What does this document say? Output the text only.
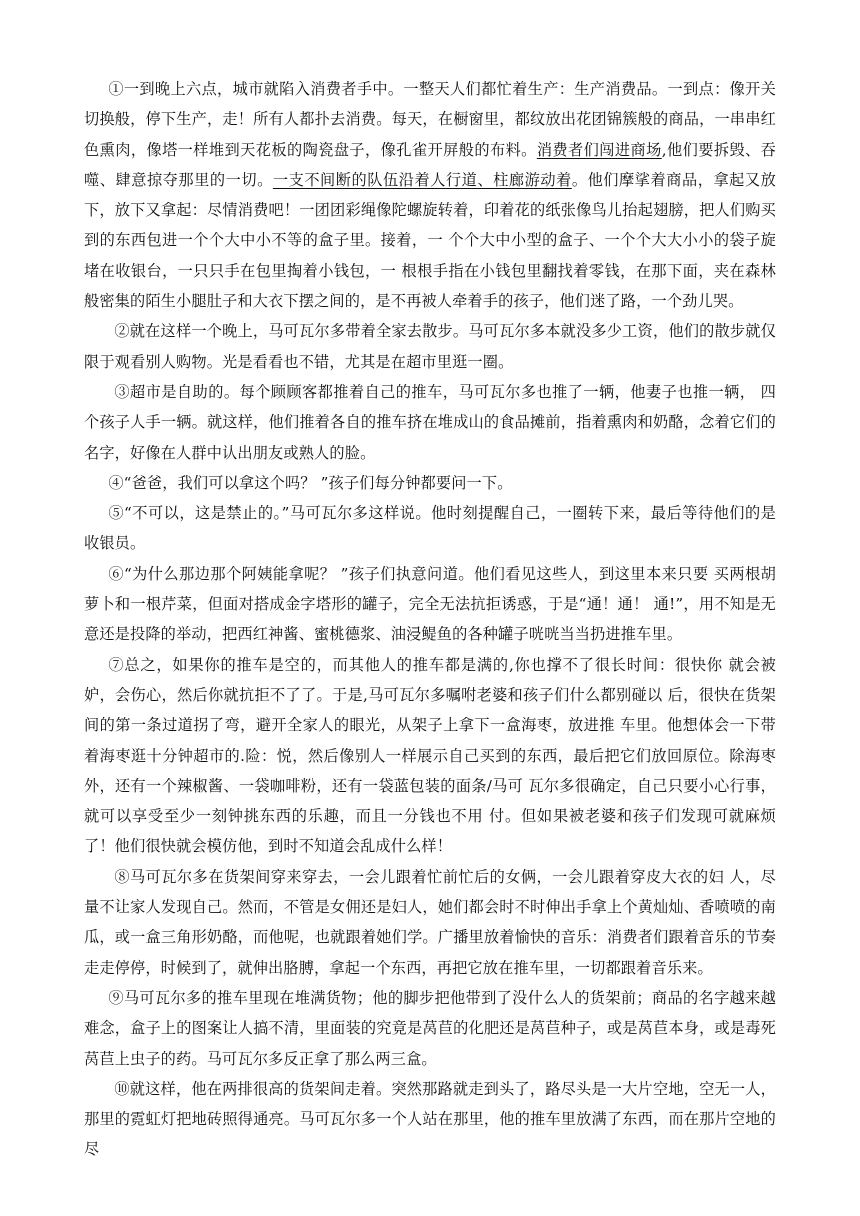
①一到晚上六点，城市就陷入消费者手中。一整天人们都忙着生产：生产消费品。一到点：像开关切换般，停下生产，走！所有人都扑去消费。每天，在橱窗里，都纹放出花团锦簇般的商品，一串串红色熏肉，像塔一样堆到天花板的陶瓷盘子，像孔雀开屏般的布料。消费者们闯进商场,他们要拆毁、吞噬、肆意掠夺那里的一切。一支不间断的队伍沿着人行道、柱廊游动着。他们摩挲着商品，拿起又放下，放下又拿起：尽情消费吧！一团团彩绳像陀螺旋转着，印着花的纸张像鸟儿抬起翅膀，把人们购买到的东西包进一个个大中小不等的盒子里。接着，一 个个大中小型的盒子、一个个大大小小的袋子旋堵在收银台，一只只手在包里掏着小钱包，一 根根手指在小钱包里翻找着零钱，在那下面，夹在森林般密集的陌生小腿肚子和大衣下摆之间的，是不再被人牵着手的孩子，他们迷了路，一个劲儿哭。

②就在这样一个晚上，马可瓦尔多带着全家去散步。马可瓦尔多本就没多少工资，他们的散步就仅限于观看别人购物。光是看看也不错，尤其是在超市里逛一圈。

③超市是自助的。每个顾顾客都推着自己的推车，马可瓦尔多也推了一辆，他妻子也推一辆， 四个孩子人手一辆。就这样，他们推着各自的推车挤在堆成山的食品摊前，指着熏肉和奶酪，念着它们的名字，好像在人群中认出朋友或熟人的脸。

④“爸爸，我们可以拿这个吗？ ”孩子们每分钟都要问一下。

⑤“不可以，这是禁止的。”马可瓦尔多这样说。他时刻提醒自己，一圈转下来，最后等待他们的是收银员。

⑥“为什么那边那个阿姨能拿呢？ ”孩子们执意问道。他们看见这些人，到这里本来只要 买两根胡萝卜和一根芹菜，但面对搭成金字塔形的罐子，完全无法抗拒诱惑，于是“通！通！ 通!”，用不知是无意还是投降的举动，把西红神酱、蜜桃德浆、油浸鳀鱼的各种罐子咣咣当当扔进推车里。

⑦总之，如果你的推车是空的，而其他人的推车都是满的,你也撑不了很长时间：很快你 就会被妒，会伤心，然后你就抗拒不了了。于是,马可瓦尔多嘱咐老婆和孩子们什么都别碰以 后，很快在货架间的第一条过道拐了弯，避开全家人的眼光，从架子上拿下一盒海枣，放进推 车里。他想体会一下带着海枣逛十分钟超市的.险：悦，然后像别人一样展示自己买到的东西，最后把它们放回原位。除海枣外，还有一个辣椒酱、一袋咖啡粉，还有一袋蓝包装的面条/马可 瓦尔多很确定，自己只要小心行事，就可以享受至少一刻钟挑东西的乐趣，而且一分钱也不用 付。但如果被老婆和孩子们发现可就麻烦了！他们很快就会模仿他，到时不知道会乱成什么样！

⑧马可瓦尔多在货架间穿来穿去，一会儿跟着忙前忙后的女俩，一会儿跟着穿皮大衣的妇 人，尽量不让家人发现自己。然而，不管是女佣还是妇人，她们都会时不时伸出手拿上个黄灿灿、香喷喷的南瓜，或一盒三角形奶酪，而他呢，也就跟着她们学。广播里放着愉快的音乐：消费者们跟着音乐的节奏走走停停，时候到了，就伸出胳膊，拿起一个东西，再把它放在推车里，一切都跟着音乐来。

⑨马可瓦尔多的推车里现在堆满货物；他的脚步把他带到了没什么人的货架前；商品的名字越来越难念，盒子上的图案让人搞不清，里面装的究竟是莴苣的化肥还是莴苣种子，或是莴苣本身，或是毒死莴苣上虫子的药。马可瓦尔多反正拿了那么两三盒。

⑩就这样，他在两排很高的货架间走着。突然那路就走到头了，路尽头是一大片空地，空无一人，那里的霓虹灯把地砖照得通亮。马可瓦尔多一个人站在那里，他的推车里放满了东西，而在那片空地的尽
